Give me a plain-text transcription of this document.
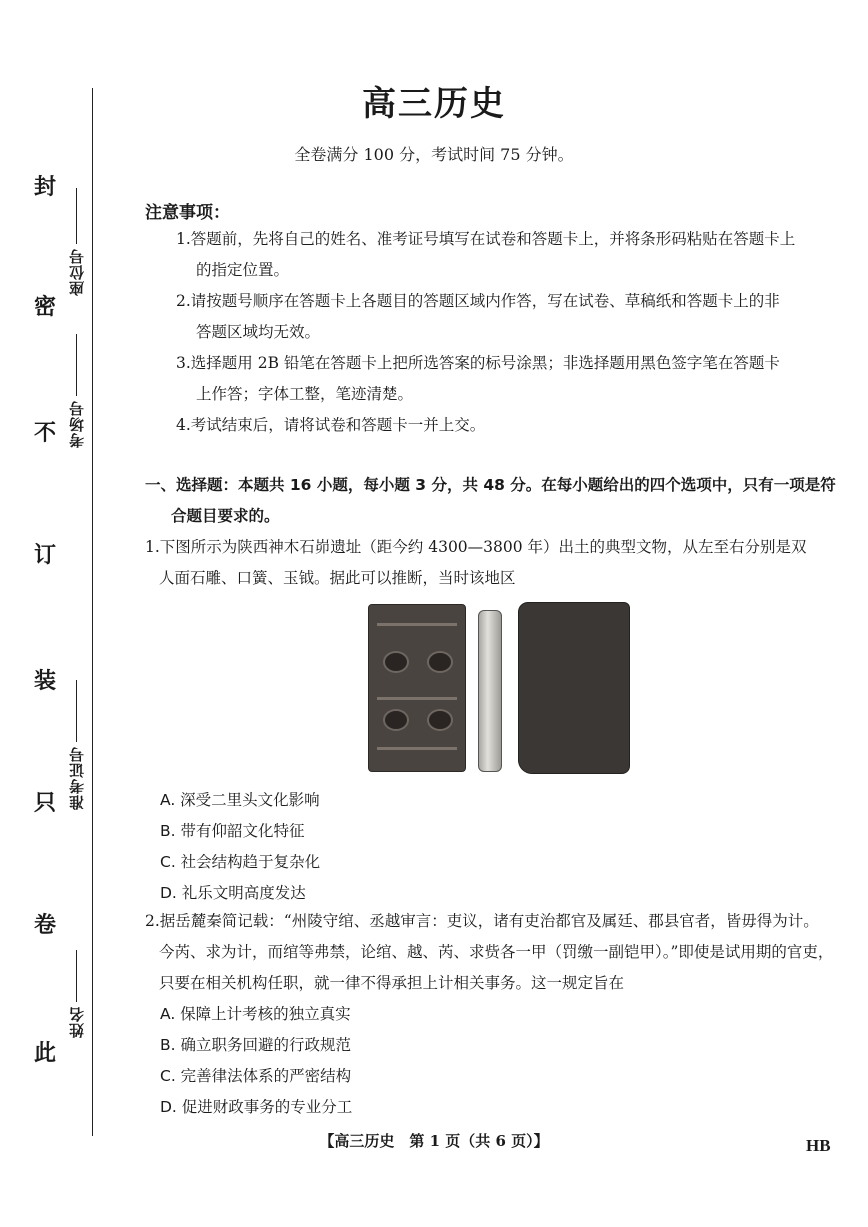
封
密
不
订
装
只
卷
此
座位号
考场号
准考证号
姓名
高三历史
全卷满分 100 分，考试时间 75 分钟。
注意事项：
1.答题前，先将自己的姓名、准考证号填写在试卷和答题卡上，并将条形码粘贴在答题卡上
的指定位置。
2.请按题号顺序在答题卡上各题目的答题区域内作答，写在试卷、草稿纸和答题卡上的非
答题区域均无效。
3.选择题用 2B 铅笔在答题卡上把所选答案的标号涂黑；非选择题用黑色签字笔在答题卡
上作答；字体工整，笔迹清楚。
4.考试结束后，请将试卷和答题卡一并上交。
一、选择题：本题共 16 小题，每小题 3 分，共 48 分。在每小题给出的四个选项中，只有一项是符
合题目要求的。
1.下图所示为陕西神木石峁遗址（距今约 4300—3800 年）出土的典型文物，从左至右分别是双
人面石雕、口簧、玉钺。据此可以推断，当时该地区
A. 深受二里头文化影响
B. 带有仰韶文化特征
C. 社会结构趋于复杂化
D. 礼乐文明高度发达
2.据岳麓秦简记载：“州陵守绾、丞越审言：吏议，诸有吏治都官及属廷、郡县官者，皆毋得为计。
今芮、求为计，而绾等弗禁，论绾、越、芮、求赀各一甲（罚缴一副铠甲）。”即使是试用期的官吏，
只要在相关机构任职，就一律不得承担上计相关事务。这一规定旨在
A. 保障上计考核的独立真实
B. 确立职务回避的行政规范
C. 完善律法体系的严密结构
D. 促进财政事务的专业分工
【高三历史　第 1 页（共 6 页）】	HB
